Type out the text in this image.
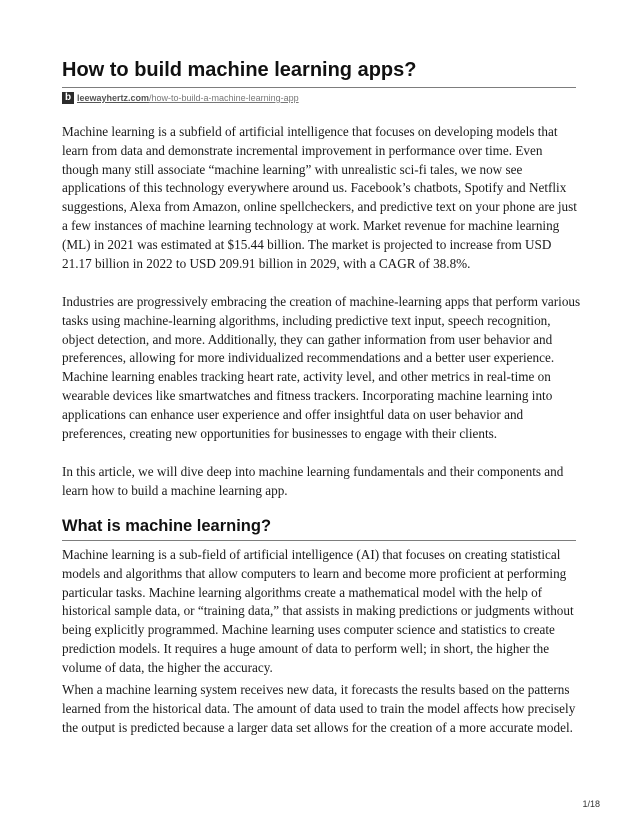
How to build machine learning apps?
b leewayhertz.com /how-to-build-a-machine-learning-app

Machine learning is a subfield of artificial intelligence that focuses on developing models that learn from data and demonstrate incremental improvement in performance over time. Even though many still associate “machine learning” with unrealistic sci-fi tales, we now see applications of this technology everywhere around us. Facebook’s chatbots, Spotify and Netflix suggestions, Alexa from Amazon, online spellcheckers, and predictive text on your phone are just a few instances of machine learning technology at work. Market revenue for machine learning (ML) in 2021 was estimated at $15.44 billion. The market is projected to increase from USD 21.17 billion in 2022 to USD 209.91 billion in 2029, with a CAGR of 38.8%.

Industries are progressively embracing the creation of machine-learning apps that perform various tasks using machine-learning algorithms, including predictive text input, speech recognition, object detection, and more. Additionally, they can gather information from user behavior and preferences, allowing for more individualized recommendations and a better user experience. Machine learning enables tracking heart rate, activity level, and other metrics in real-time on wearable devices like smartwatches and fitness trackers. Incorporating machine learning into applications can enhance user experience and offer insightful data on user behavior and preferences, creating new opportunities for businesses to engage with their clients.

In this article, we will dive deep into machine learning fundamentals and their components and learn how to build a machine learning app.

What is machine learning?

Machine learning is a sub-field of artificial intelligence (AI) that focuses on creating statistical models and algorithms that allow computers to learn and become more proficient at performing particular tasks. Machine learning algorithms create a mathematical model with the help of historical sample data, or “training data,” that assists in making predictions or judgments without being explicitly programmed. Machine learning uses computer science and statistics to create prediction models. It requires a huge amount of data to perform well; in short, the higher the volume of data, the higher the accuracy.

When a machine learning system receives new data, it forecasts the results based on the patterns learned from the historical data. The amount of data used to train the model affects how precisely the output is predicted because a larger data set allows for the creation of a more accurate model.

1/18
